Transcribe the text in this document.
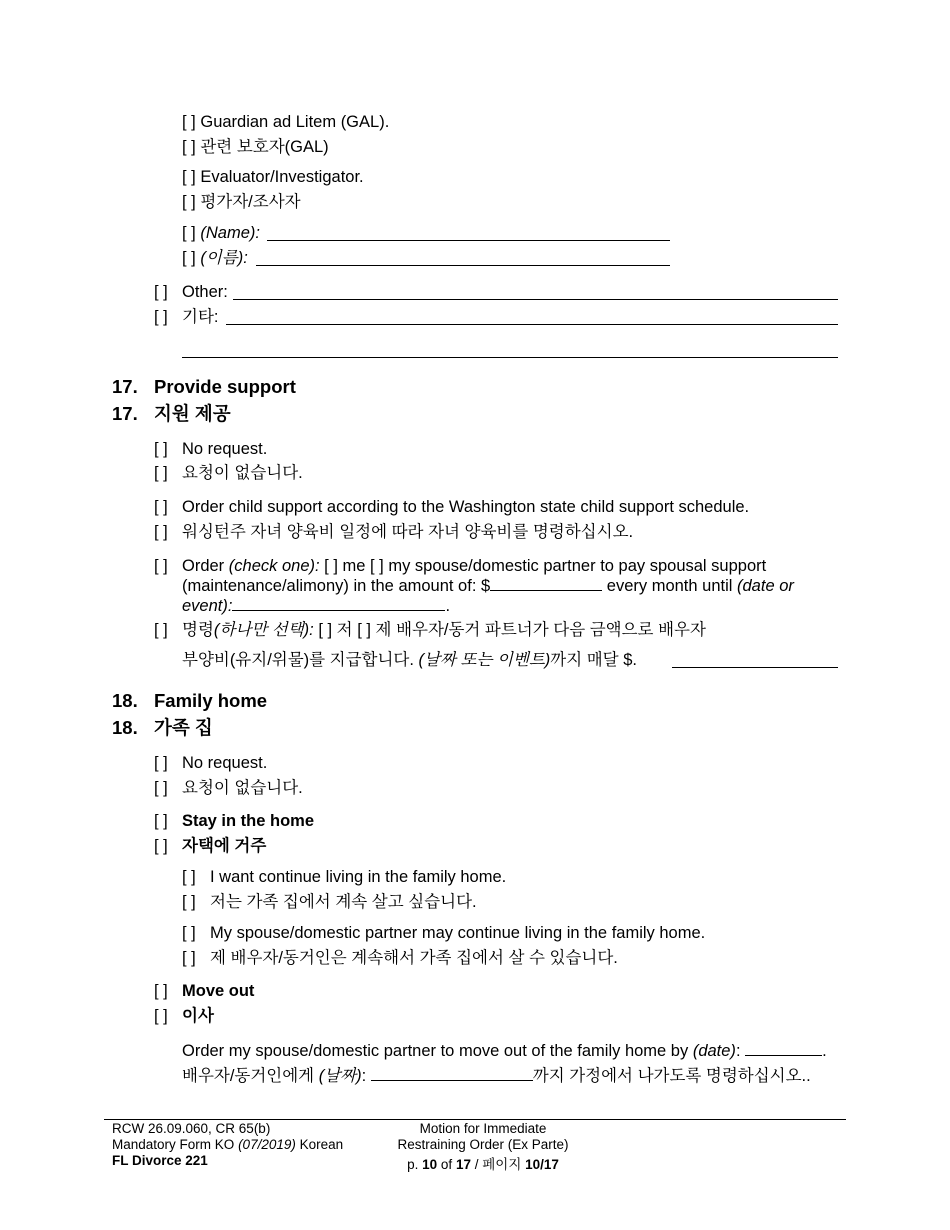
[ ] Guardian ad Litem (GAL).
[ ] 관련 보호자(GAL)
[ ] Evaluator/Investigator.
[ ] 평가자/조사자
[ ] (Name):
[ ] (이름):
[ ] Other:
[ ] 기타:
17. Provide support
17. 지원 제공
[ ] No request.
[ ] 요청이 없습니다.
[ ] Order child support according to the Washington state child support schedule.
[ ] 워싱턴주 자녀 양육비 일정에 따라 자녀 양육비를 명령하십시오.
[ ] Order (check one): [ ] me [ ] my spouse/domestic partner to pay spousal support
(maintenance/alimony) in the amount of: $	every month until (date or
event):	.
[ ] 명령(하나만 선택): [ ] 저 [ ] 제 배우자/동거 파트너가 다음 금액으로 배우자
부양비(유지/위물)를 지급합니다. (날짜 또는 이벤트)까지 매달 $.
18. Family home
18. 가족 집
[ ] No request.
[ ] 요청이 없습니다.
[ ] Stay in the home
[ ] 자택에 거주
[ ] I want continue living in the family home.
[ ] 저는 가족 집에서 계속 살고 싶습니다.
[ ] My spouse/domestic partner may continue living in the family home.
[ ] 제 배우자/동거인은 계속해서 가족 집에서 살 수 있습니다.
[ ] Move out
[ ] 이사
Order my spouse/domestic partner to move out of the family home by (date):	.
배우자/동거인에게 (날짜):	까지 가정에서 나가도록 명령하십시오..
RCW 26.09.060, CR 65(b)
Mandatory Form KO (07/2019) Korean
FL Divorce 221
Motion for Immediate
Restraining Order (Ex Parte)
p. 10 of 17 / 페이지 10/17
